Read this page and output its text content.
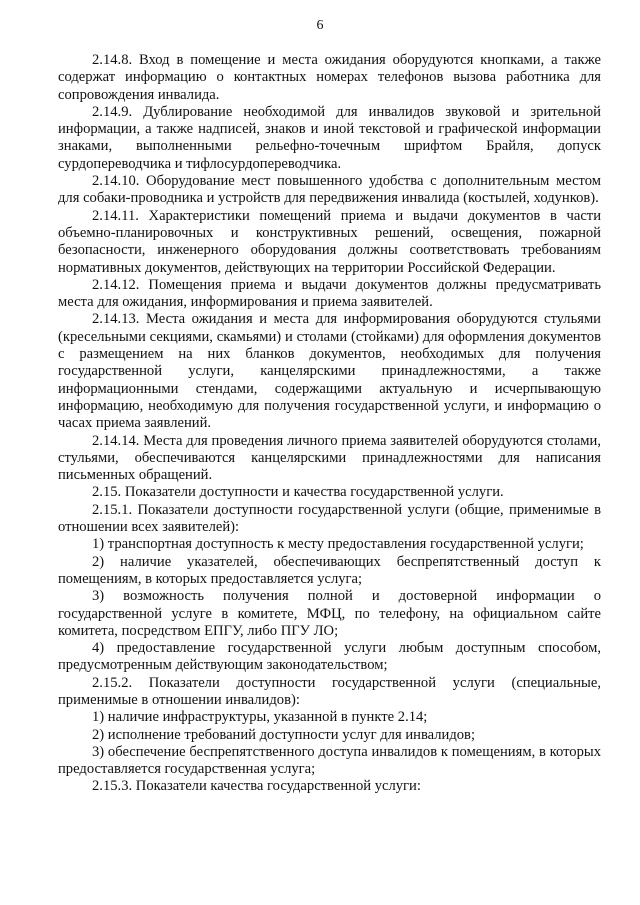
6

2.14.8. Вход в помещение и места ожидания оборудуются кнопками, а также содержат информацию о контактных номерах телефонов вызова работника для сопровождения инвалида.

2.14.9. Дублирование необходимой для инвалидов звуковой и зрительной информации, а также надписей, знаков и иной текстовой и графической информации знаками, выполненными рельефно-точечным шрифтом Брайля, допуск сурдопереводчика и тифлосурдопереводчика.

2.14.10. Оборудование мест повышенного удобства с дополнительным местом для собаки-проводника и устройств для передвижения инвалида (костылей, ходунков).

2.14.11. Характеристики помещений приема и выдачи документов в части объемно-планировочных и конструктивных решений, освещения, пожарной безопасности, инженерного оборудования должны соответствовать требованиям нормативных документов, действующих на территории Российской Федерации.

2.14.12. Помещения приема и выдачи документов должны предусматривать места для ожидания, информирования и приема заявителей.

2.14.13. Места ожидания и места для информирования оборудуются стульями (кресельными секциями, скамьями) и столами (стойками) для оформления документов с размещением на них бланков документов, необходимых для получения государственной услуги, канцелярскими принадлежностями, а также информационными стендами, содержащими актуальную и исчерпывающую информацию, необходимую для получения государственной услуги, и информацию о часах приема заявлений.

2.14.14. Места для проведения личного приема заявителей оборудуются столами, стульями, обеспечиваются канцелярскими принадлежностями для написания письменных обращений.

2.15. Показатели доступности и качества государственной услуги.

2.15.1. Показатели доступности государственной услуги (общие, применимые в отношении всех заявителей):

1) транспортная доступность к месту предоставления государственной услуги;

2) наличие указателей, обеспечивающих беспрепятственный доступ к помещениям, в которых предоставляется услуга;

3) возможность получения полной и достоверной информации о государственной услуге в комитете, МФЦ, по телефону, на официальном сайте комитета, посредством ЕПГУ, либо ПГУ ЛО;

4) предоставление государственной услуги любым доступным способом, предусмотренным действующим законодательством;

2.15.2. Показатели доступности государственной услуги (специальные, применимые в отношении инвалидов):

1) наличие инфраструктуры, указанной в пункте 2.14;

2) исполнение требований доступности услуг для инвалидов;

3) обеспечение беспрепятственного доступа инвалидов к помещениям, в которых предоставляется государственная услуга;

2.15.3. Показатели качества государственной услуги:
